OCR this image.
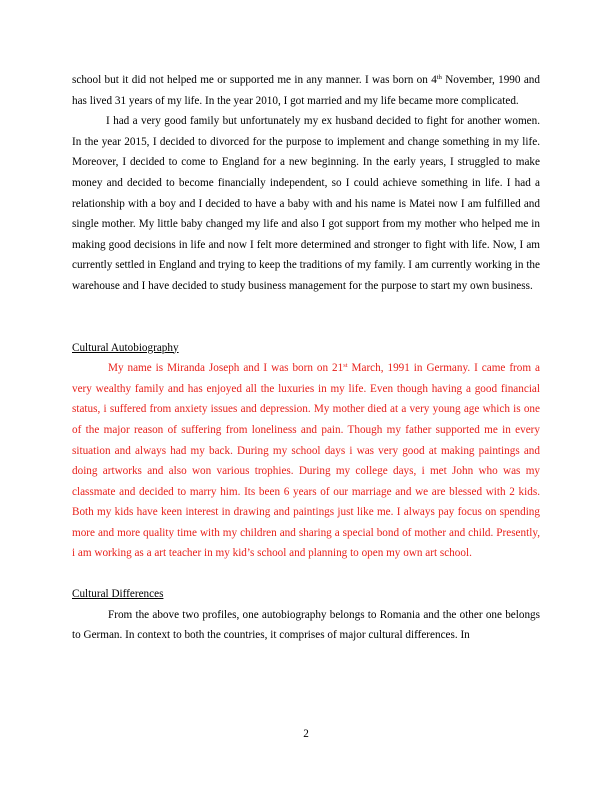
school but it did not helped me or supported me in any manner. I was born on 4th November, 1990 and has lived 31 years of my life. In the year 2010, I got married and my life became more complicated.

I had a very good family but unfortunately my ex husband decided to fight for another women. In the year 2015, I decided to divorced for the purpose to implement and change something in my life. Moreover, I decided to come to England for a new beginning. In the early years, I struggled to make money and decided to become financially independent, so I could achieve something in life. I had a relationship with a boy and I decided to have a baby with and his name is Matei now I am fulfilled and single mother. My little baby changed my life and also I got support from my mother who helped me in making good decisions in life and now I felt more determined and stronger to fight with life. Now, I am currently settled in England and trying to keep the traditions of my family. I am currently working in the warehouse and I have decided to study business management for the purpose to start my own business.

Cultural Autobiography

My name is Miranda Joseph and I was born on 21st March, 1991 in Germany. I came from a very wealthy family and has enjoyed all the luxuries in my life. Even though having a good financial status, i suffered from anxiety issues and depression. My mother died at a very young age which is one of the major reason of suffering from loneliness and pain. Though my father supported me in every situation and always had my back. During my school days i was very good at making paintings and doing artworks and also won various trophies. During my college days, i met John who was my classmate and decided to marry him. Its been 6 years of our marriage and we are blessed with 2 kids. Both my kids have keen interest in drawing and paintings just like me. I always pay focus on spending more and more quality time with my children and sharing a special bond of mother and child. Presently, i am working as a art teacher in my kid’s school and planning to open my own art school.

Cultural Differences

From the above two profiles, one autobiography belongs to Romania and the other one belongs to German. In context to both the countries, it comprises of major cultural differences. In

2
